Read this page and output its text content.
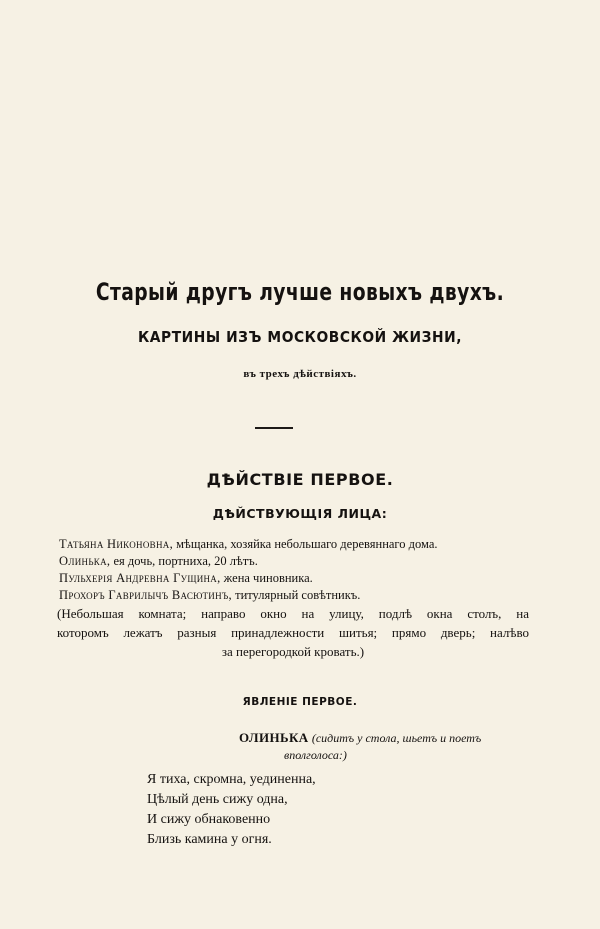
Старый другъ лучше новыхъ двухъ.
КАРТИНЫ ИЗЪ МОСКОВСКОЙ ЖИЗНИ,
въ трехъ дѣйствiяхъ.
ДѢЙСТВIЕ ПЕРВОЕ.
ДѢЙСТВУЮЩIЯ ЛИЦА:
Татьяна Никоновна, мѣщанка, хозяйка небольшаго деревяннаго дома.
Олинька, ея дочь, портниха, 20 лѣтъ.
Пульхерія Андревна Гущина, жена чиновника.
Прохоръ Гаврилычъ Васютинъ, титулярный совѣтникъ.
(Небольшая комната; направо окно на улицу, подлѣ окна столъ, на
которомъ лежатъ разныя принадлежности шитья; прямо дверь; налѣво
за перегородкой кровать.)
ЯВЛЕНIЕ ПЕРВОЕ.
ОЛИНЬКА (сидитъ у стола, шьетъ и поетъ
вполголоса:)
Я тиха, скромна, уединенна,
Цѣлый день сижу одна,
И сижу обнаковенно
Близь камина у огня.
